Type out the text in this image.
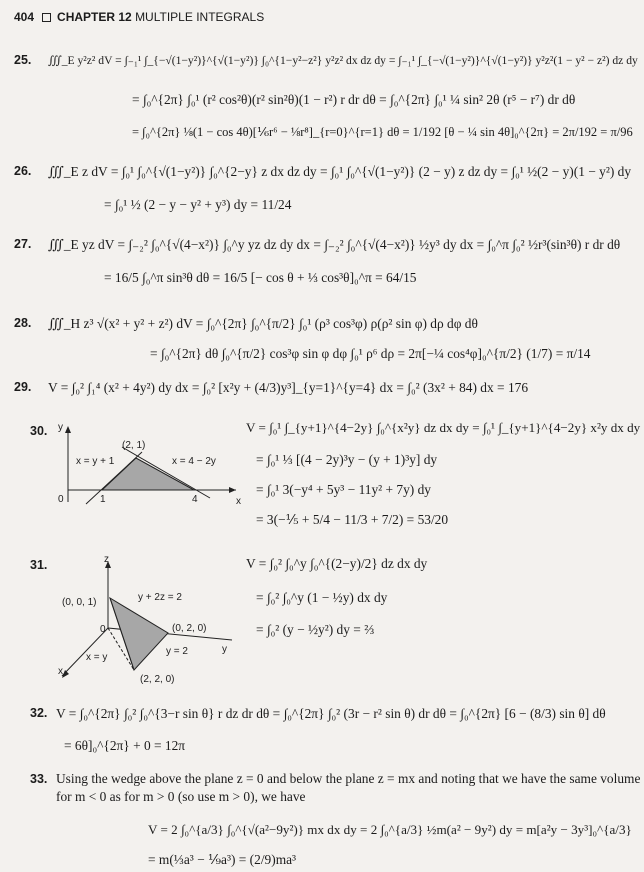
404 CHAPTER 12 MULTIPLE INTEGRALS
25. ∭_E y²z² dV = ∫₋₁¹ ∫_{−√(1−y²)}^{√(1−y²)} ∫₀^{1−y²−z²} y²z² dx dz dy = ∫₋₁¹ ∫_{−√(1−y²)}^{√(1−y²)} y²z²(1 − y² − z²) dz dy
= ∫₀^{2π} ∫₀¹ (r² cos²θ)(r² sin²θ)(1 − r²) r dr dθ = ∫₀^{2π} ∫₀¹ ¼ sin² 2θ (r⁵ − r⁷) dr dθ
= ∫₀^{2π} ⅛(1 − cos 4θ)[⅙r⁶ − ⅛r⁸]_{r=0}^{r=1} dθ = 1/192 [θ − ¼ sin 4θ]₀^{2π} = 2π/192 = π/96
26. ∭_E z dV = ∫₀¹ ∫₀^{√(1−y²)} ∫₀^{2−y} z dx dz dy = ∫₀¹ ∫₀^{√(1−y²)} (2 − y) z dz dy = ∫₀¹ ½(2 − y)(1 − y²) dy
= ∫₀¹ ½ (2 − y − y² + y³) dy = 11/24
27. ∭_E yz dV = ∫₋₂² ∫₀^{√(4−x²)} ∫₀^y yz dz dy dx = ∫₋₂² ∫₀^{√(4−x²)} ½y³ dy dx = ∫₀^π ∫₀² ½r³(sin³θ) r dr dθ
= 16/5 ∫₀^π sin³θ dθ = 16/5 [− cos θ + ⅓ cos³θ]₀^π = 64/15
28. ∭_H z³ √(x² + y² + z²) dV = ∫₀^{2π} ∫₀^{π/2} ∫₀¹ (ρ³ cos³φ) ρ(ρ² sin φ) dρ dφ dθ
= ∫₀^{2π} dθ ∫₀^{π/2} cos³φ sin φ dφ ∫₀¹ ρ⁶ dρ = 2π[−¼ cos⁴φ]₀^{π/2} (1/7) = π/14
29. V = ∫₀² ∫₁⁴ (x² + 4y²) dy dx = ∫₀² [x²y + (4/3)y³]_{y=1}^{y=4} dx = ∫₀² (3x² + 84) dx = 176
30. y
x
0	1	4
(2, 1)
x = y + 1	x = 4 − 2y
V = ∫₀¹ ∫_{y+1}^{4−2y} ∫₀^{x²y} dz dx dy = ∫₀¹ ∫_{y+1}^{4−2y} x²y dx dy
= ∫₀¹ ⅓ [(4 − 2y)³y − (y + 1)³y] dy
= ∫₀¹ 3(−y⁴ + 5y³ − 11y² + 7y) dy
= 3(−⅕ + 5/4 − 11/3 + 7/2) = 53/20
31.	z
y
x
(0, 0, 1)
(0, 2, 0)
(2, 2, 0)
y + 2z = 2
x = y
y = 2
0
V = ∫₀² ∫₀^y ∫₀^{(2−y)/2} dz dx dy
= ∫₀² ∫₀^y (1 − ½y) dx dy
= ∫₀² (y − ½y²) dy = ⅔
32. V = ∫₀^{2π} ∫₀² ∫₀^{3−r sin θ} r dz dr dθ = ∫₀^{2π} ∫₀² (3r − r² sin θ) dr dθ = ∫₀^{2π} [6 − (8/3) sin θ] dθ
= 6θ]₀^{2π} + 0 = 12π
33. Using the wedge above the plane z = 0 and below the plane z = mx and noting that we have the same volume for m < 0 as for m > 0 (so use m > 0), we have
V = 2 ∫₀^{a/3} ∫₀^{√(a²−9y²)} mx dx dy = 2 ∫₀^{a/3} ½m(a² − 9y²) dy = m[a²y − 3y³]₀^{a/3}
= m(⅓a³ − ⅑a³) = (2/9)ma³
